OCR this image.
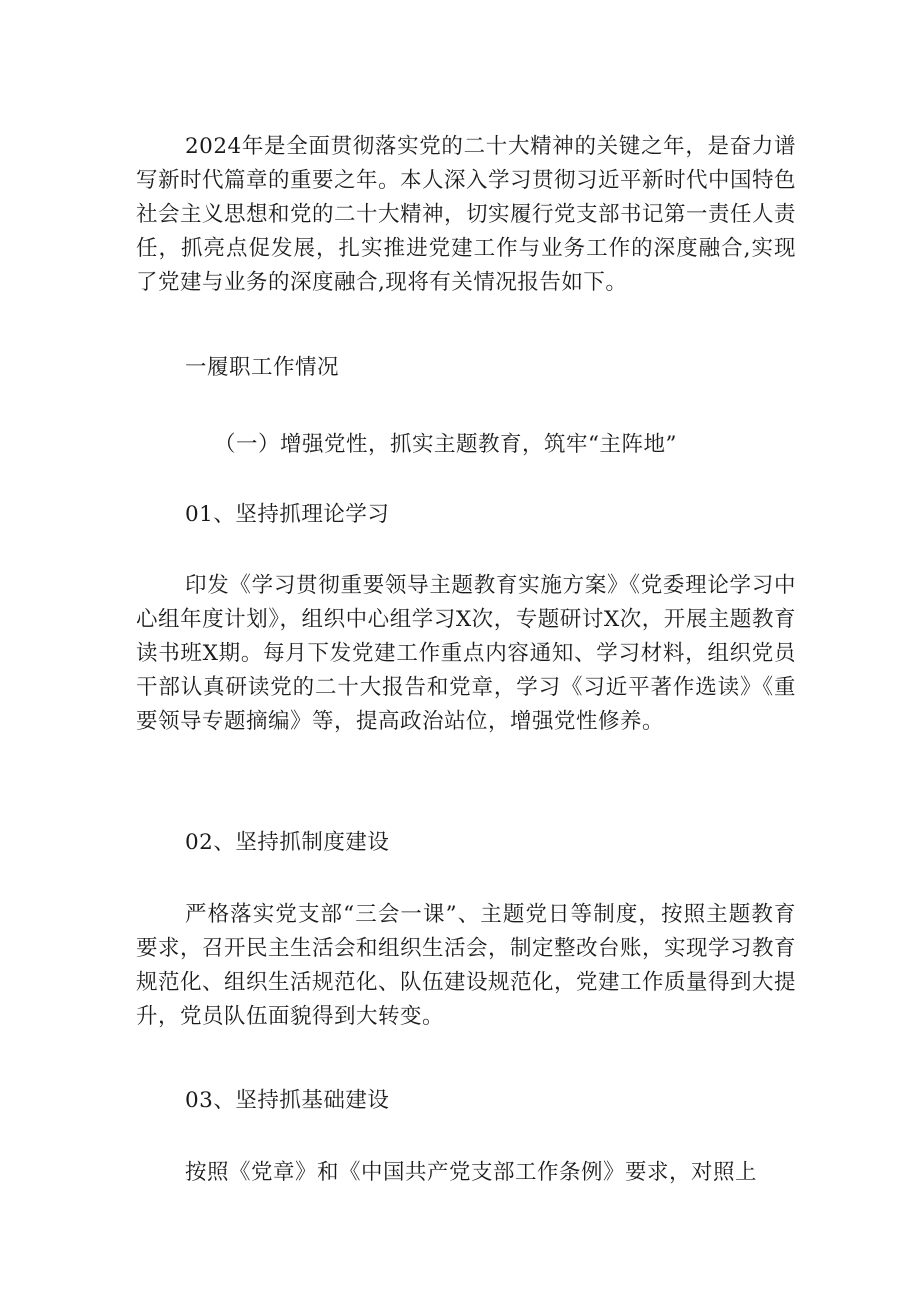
2024年是全面贯彻落实党的二十大精神的关键之年，是奋力谱写新时代篇章的重要之年。本人深入学习贯彻习近平新时代中国特色社会主义思想和党的二十大精神，切实履行党支部书记第一责任人责任，抓亮点促发展，扎实推进党建工作与业务工作的深度融合,实现了党建与业务的深度融合,现将有关情况报告如下。

一履职工作情况
（一）增强党性，抓实主题教育，筑牢“主阵地”
01、坚持抓理论学习

印发《学习贯彻重要领导主题教育实施方案》《党委理论学习中心组年度计划》，组织中心组学习X次，专题研讨X次，开展主题教育读书班X期。每月下发党建工作重点内容通知、学习材料，组织党员干部认真研读党的二十大报告和党章，学习《习近平著作选读》《重要领导专题摘编》等，提高政治站位，增强党性修养。

02、坚持抓制度建设

严格落实党支部“三会一课”、主题党日等制度，按照主题教育要求，召开民主生活会和组织生活会，制定整改台账，实现学习教育规范化、组织生活规范化、队伍建设规范化，党建工作质量得到大提升，党员队伍面貌得到大转变。

03、坚持抓基础建设

按照《党章》和《中国共产党支部工作条例》要求，对照上
